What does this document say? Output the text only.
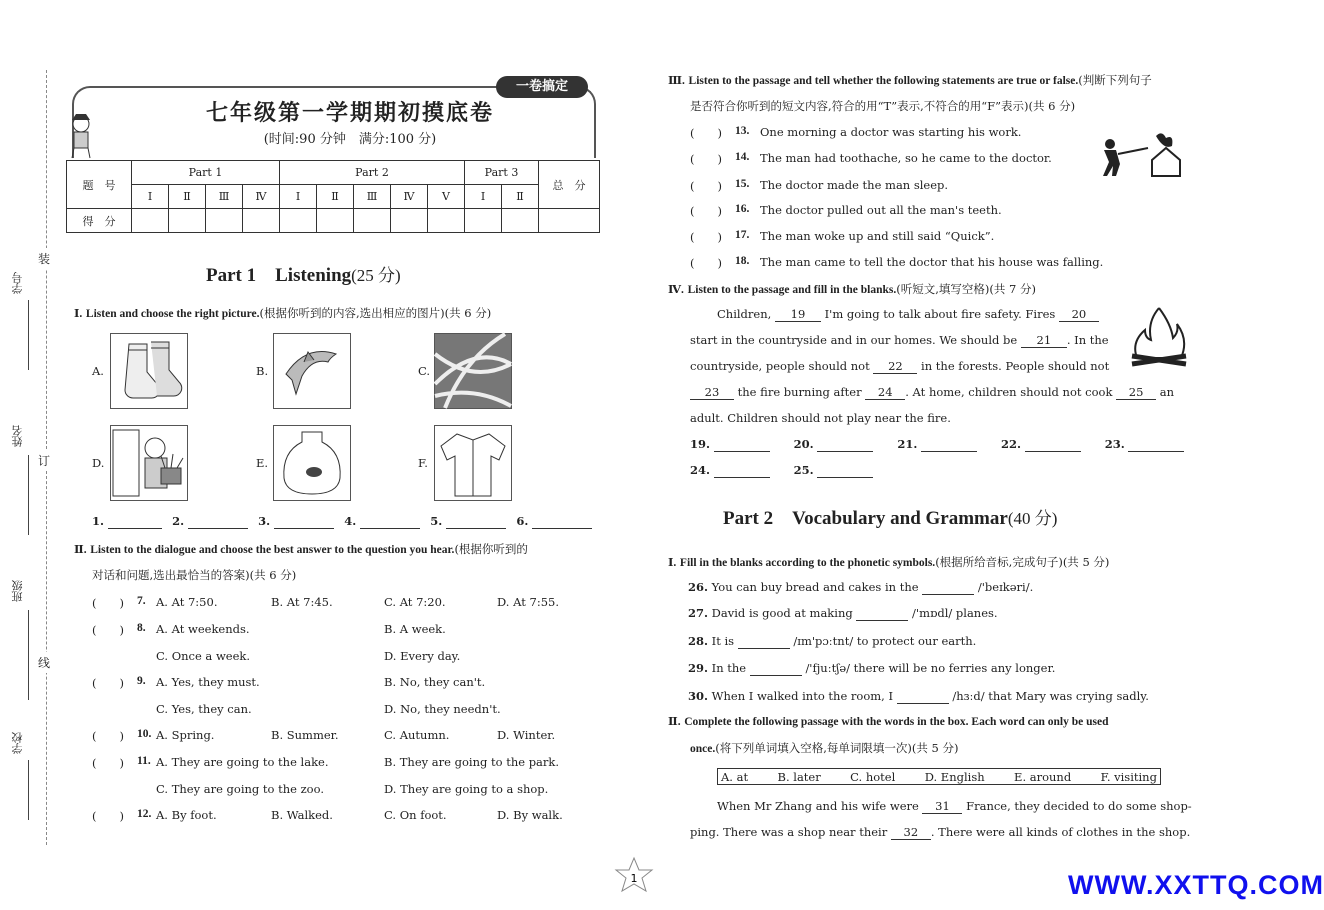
装
订
线
学号
姓名
班级
学校
一卷搞定
七年级第一学期期初摸底卷
(时间:90 分钟　满分:100 分)
题　号	Part 1				Part 2					Part 3		总　分
	Ⅰ	Ⅱ	Ⅲ	Ⅳ	Ⅰ	Ⅱ	Ⅲ	Ⅳ	Ⅴ	Ⅰ	Ⅱ	
得　分												
Part 1　Listening(25 分)
Ⅰ. Listen and choose the right picture.(根据你听到的内容,选出相应的图片)(共 6 分)
A.	B.	C.
D.	E.	F.
1.	2.	3.	4.	5.	6.
Ⅱ. Listen to the dialogue and choose the best answer to the question you hear.(根据你听到的
对话和问题,选出最恰当的答案)(共 6 分)
(　　) 7. A. At 7:50.	B. At 7:45.	C. At 7:20.	D. At 7:55.
(　　) 8. A. At weekends.	B. A week.
C. Once a week.	D. Every day.
(　　) 9. A. Yes, they must.	B. No, they can't.
C. Yes, they can.	D. No, they needn't.
(　　) 10. A. Spring.	B. Summer.	C. Autumn.	D. Winter.
(　　) 11. A. They are going to the lake.	B. They are going to the park.
C. They are going to the zoo.	D. They are going to a shop.
(　　) 12. A. By foot.	B. Walked.	C. On foot.	D. By walk.
Ⅲ. Listen to the passage and tell whether the following statements are true or false.(判断下列句子
是否符合你听到的短文内容,符合的用“T”表示,不符合的用“F”表示)(共 6 分)
(　　) 13. One morning a doctor was starting his work.
(　　) 14. The man had toothache, so he came to the doctor.
(　　) 15. The doctor made the man sleep.
(　　) 16. The doctor pulled out all the man's teeth.
(　　) 17. The man woke up and still said “Quick”.
(　　) 18. The man came to tell the doctor that his house was falling.
Ⅳ. Listen to the passage and fill in the blanks.(听短文,填写空格)(共 7 分)
Children, 19 I'm going to talk about fire safety. Fires 20
start in the countryside and in our homes. We should be 21 . In the
countryside, people should not 22 in the forests. People should not
23 the fire burning after 24 . At home, children should not cook 25 an
adult. Children should not play near the fire.
19.	20.	21.	22.	23.
24.	25.
Part 2　Vocabulary and Grammar(40 分)
Ⅰ. Fill in the blanks according to the phonetic symbols.(根据所给音标,完成句子)(共 5 分)
26. You can buy bread and cakes in the	/'beɪkəri/.
27. David is good at making	/'mɒdl/ planes.
28. It is	/ɪm'pɔːtnt/ to protect our earth.
29. In the	/'fjuːtʃə/ there will be no ferries any longer.
30. When I walked into the room, I	/hɜːd/ that Mary was crying sadly.
Ⅱ. Complete the following passage with the words in the box. Each word can only be used
once.(将下列单词填入空格,每单词限填一次)(共 5 分)
A. at	B. later	C. hotel	D. English	E. around	F. visiting
When Mr Zhang and his wife were 31 France, they decided to do some shop-
ping. There was a shop near their 32 . There were all kinds of clothes in the shop.
1	WWW.XXTTQ.COM
